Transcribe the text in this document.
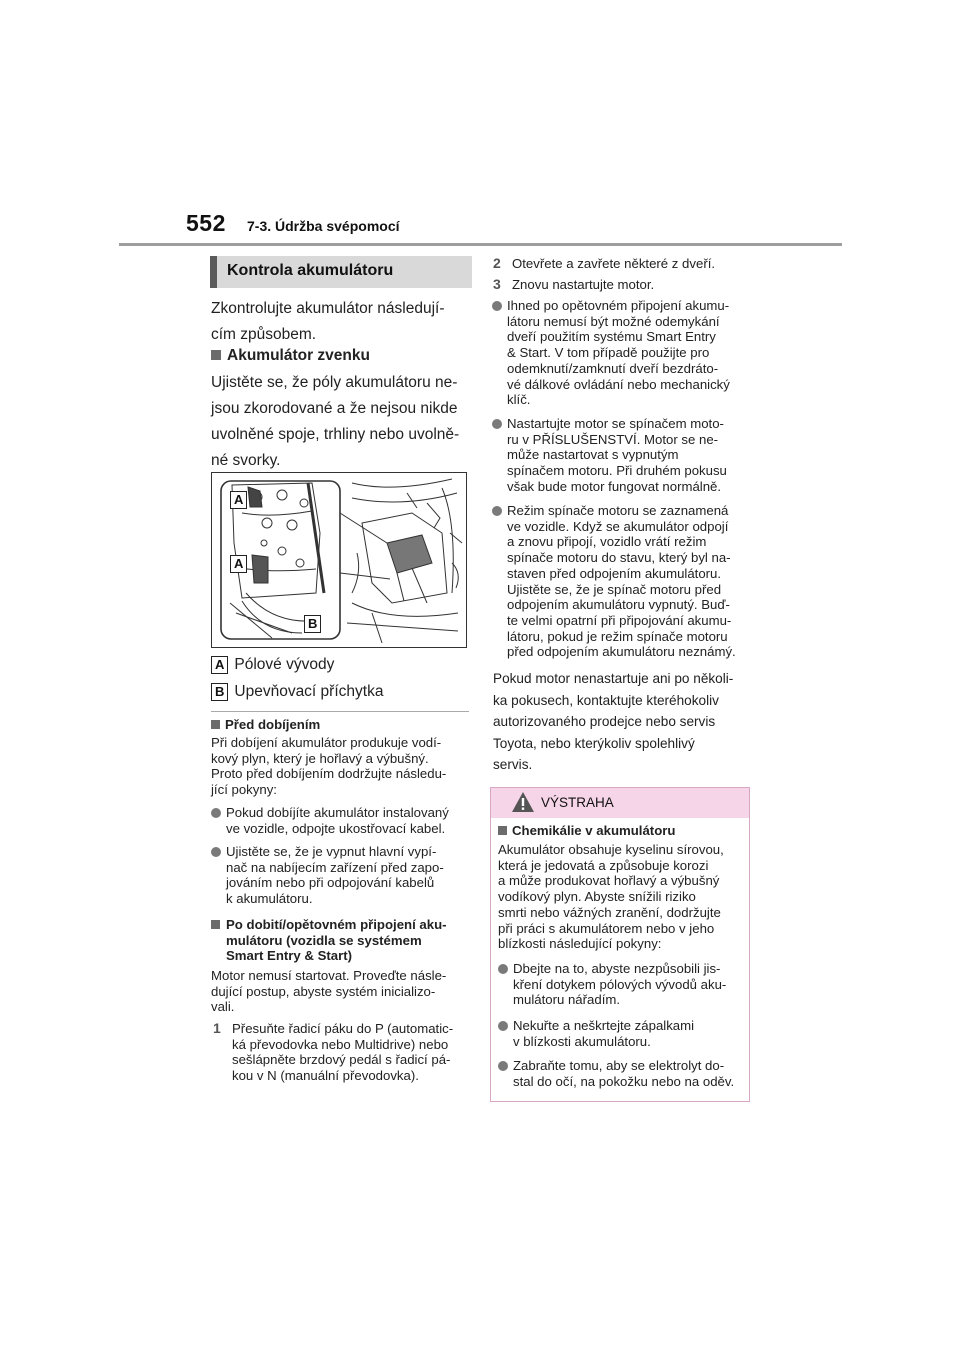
552 7-3. Údržba svépomocí
Kontrola akumulátoru
Zkontrolujte akumulátor následují-
cím způsobem.
Akumulátor zvenku
Ujistěte se, že póly akumulátoru ne-
jsou zkorodované a že nejsou nikde
uvolněné spoje, trhliny nebo uvolně-
né svorky.
A
A
B
A Pólové vývody
B Upevňovací příchytka
Před dobíjením
Při dobíjení akumulátor produkuje vodí-
kový plyn, který je hořlavý a výbušný.
Proto před dobíjením dodržujte následu-
jící pokyny:
Pokud dobíjíte akumulátor instalovaný
ve vozidle, odpojte ukostřovací kabel.
Ujistěte se, že je vypnut hlavní vypí-
nač na nabíjecím zařízení před zapo-
jováním nebo při odpojování kabelů
k akumulátoru.
Po dobití/opětovném připojení aku-
mulátoru (vozidla se systémem
Smart Entry & Start)
Motor nemusí startovat. Proveďte násle-
dující postup, abyste systém inicializo-
vali.
1 Přesuňte řadicí páku do P (automatic-
ká převodovka nebo Multidrive) nebo
sešlápněte brzdový pedál s řadicí pá-
kou v N (manuální převodovka).
2 Otevřete a zavřete některé z dveří.
3 Znovu nastartujte motor.
Ihned po opětovném připojení akumu-
látoru nemusí být možné odemykání
dveří použitím systému Smart Entry
& Start. V tom případě použijte pro
odemknutí/zamknutí dveří bezdráto-
vé dálkové ovládání nebo mechanický
klíč.
Nastartujte motor se spínačem moto-
ru v PŘÍSLUŠENSTVÍ. Motor se ne-
může nastartovat s vypnutým
spínačem motoru. Při druhém pokusu
však bude motor fungovat normálně.
Režim spínače motoru se zaznamená
ve vozidle. Když se akumulátor odpojí
a znovu připojí, vozidlo vrátí režim
spínače motoru do stavu, který byl na-
staven před odpojením akumulátoru.
Ujistěte se, že je spínač motoru před
odpojením akumulátoru vypnutý. Buď-
te velmi opatrní při připojování akumu-
látoru, pokud je režim spínače motoru
před odpojením akumulátoru neznámý.
Pokud motor nenastartuje ani po několi-
ka pokusech, kontaktujte kteréhokoliv
autorizovaného prodejce nebo servis
Toyota, nebo kterýkoliv spolehlivý
servis.
VÝSTRAHA
Chemikálie v akumulátoru
Akumulátor obsahuje kyselinu sírovou,
která je jedovatá a způsobuje korozi
a může produkovat hořlavý a výbušný
vodíkový plyn. Abyste snížili riziko
smrti nebo vážných zranění, dodržujte
při práci s akumulátorem nebo v jeho
blízkosti následující pokyny:
Dbejte na to, abyste nezpůsobili jis-
kření dotykem pólových vývodů aku-
mulátoru nářadím.
Nekuřte a neškrtejte zápalkami
v blízkosti akumulátoru.
Zabraňte tomu, aby se elektrolyt do-
stal do očí, na pokožku nebo na oděv.
